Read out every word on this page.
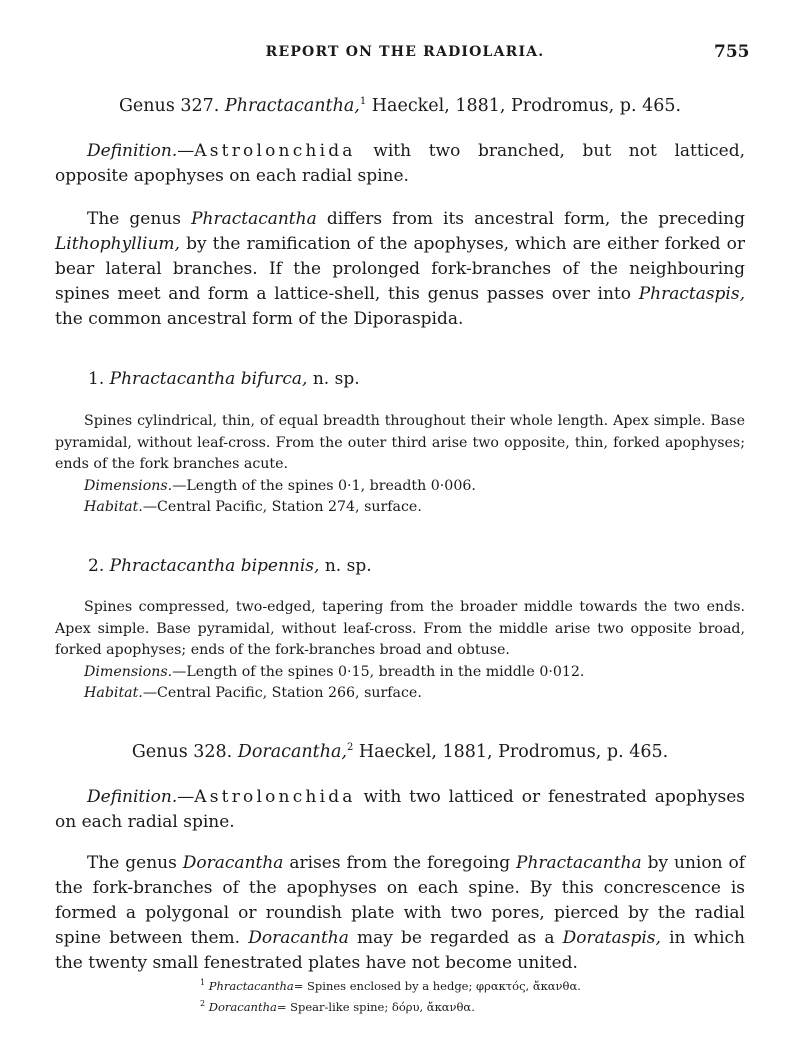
REPORT ON THE RADIOLARIA.	755
Genus 327. Phractacantha,$^1$ Haeckel, 1881, Prodromus, p. 465.
Definition.—Astrolonchida with two branched, but not latticed, opposite apophyses on each radial spine.
The genus Phractacantha differs from its ancestral form, the preceding Lithophyllium, by the ramification of the apophyses, which are either forked or bear lateral branches. If the prolonged fork-branches of the neighbouring spines meet and form a lattice-shell, this genus passes over into Phractaspis, the common ancestral form of the Diporaspida.
1. Phractacantha bifurca, n. sp.

Spines cylindrical, thin, of equal breadth throughout their whole length. Apex simple. Base pyramidal, without leaf-cross. From the outer third arise two opposite, thin, forked apophyses; ends of the fork branches acute.

Dimensions.—Length of the spines 0·1, breadth 0·006.

Habitat.—Central Pacific, Station 274, surface.

2. Phractacantha bipennis, n. sp.

Spines compressed, two-edged, tapering from the broader middle towards the two ends. Apex simple. Base pyramidal, without leaf-cross. From the middle arise two opposite broad, forked apophyses; ends of the fork-branches broad and obtuse.

Dimensions.—Length of the spines 0·15, breadth in the middle 0·012.

Habitat.—Central Pacific, Station 266, surface.

Genus 328. Doracantha,$^2$ Haeckel, 1881, Prodromus, p. 465.
Definition.—Astrolonchida with two latticed or fenestrated apophyses on each radial spine.
The genus Doracantha arises from the foregoing Phractacantha by union of the fork-branches of the apophyses on each spine. By this concrescence is formed a polygonal or roundish plate with two pores, pierced by the radial spine between them. Doracantha may be regarded as a Dorataspis, in which the twenty small fenestrated plates have not become united.
$^1$ Phractacantha= Spines enclosed by a hedge; φρακτός, ἄκανθα.
$^2$ Doracantha= Spear-like spine; δόρυ, ἄκανθα.
